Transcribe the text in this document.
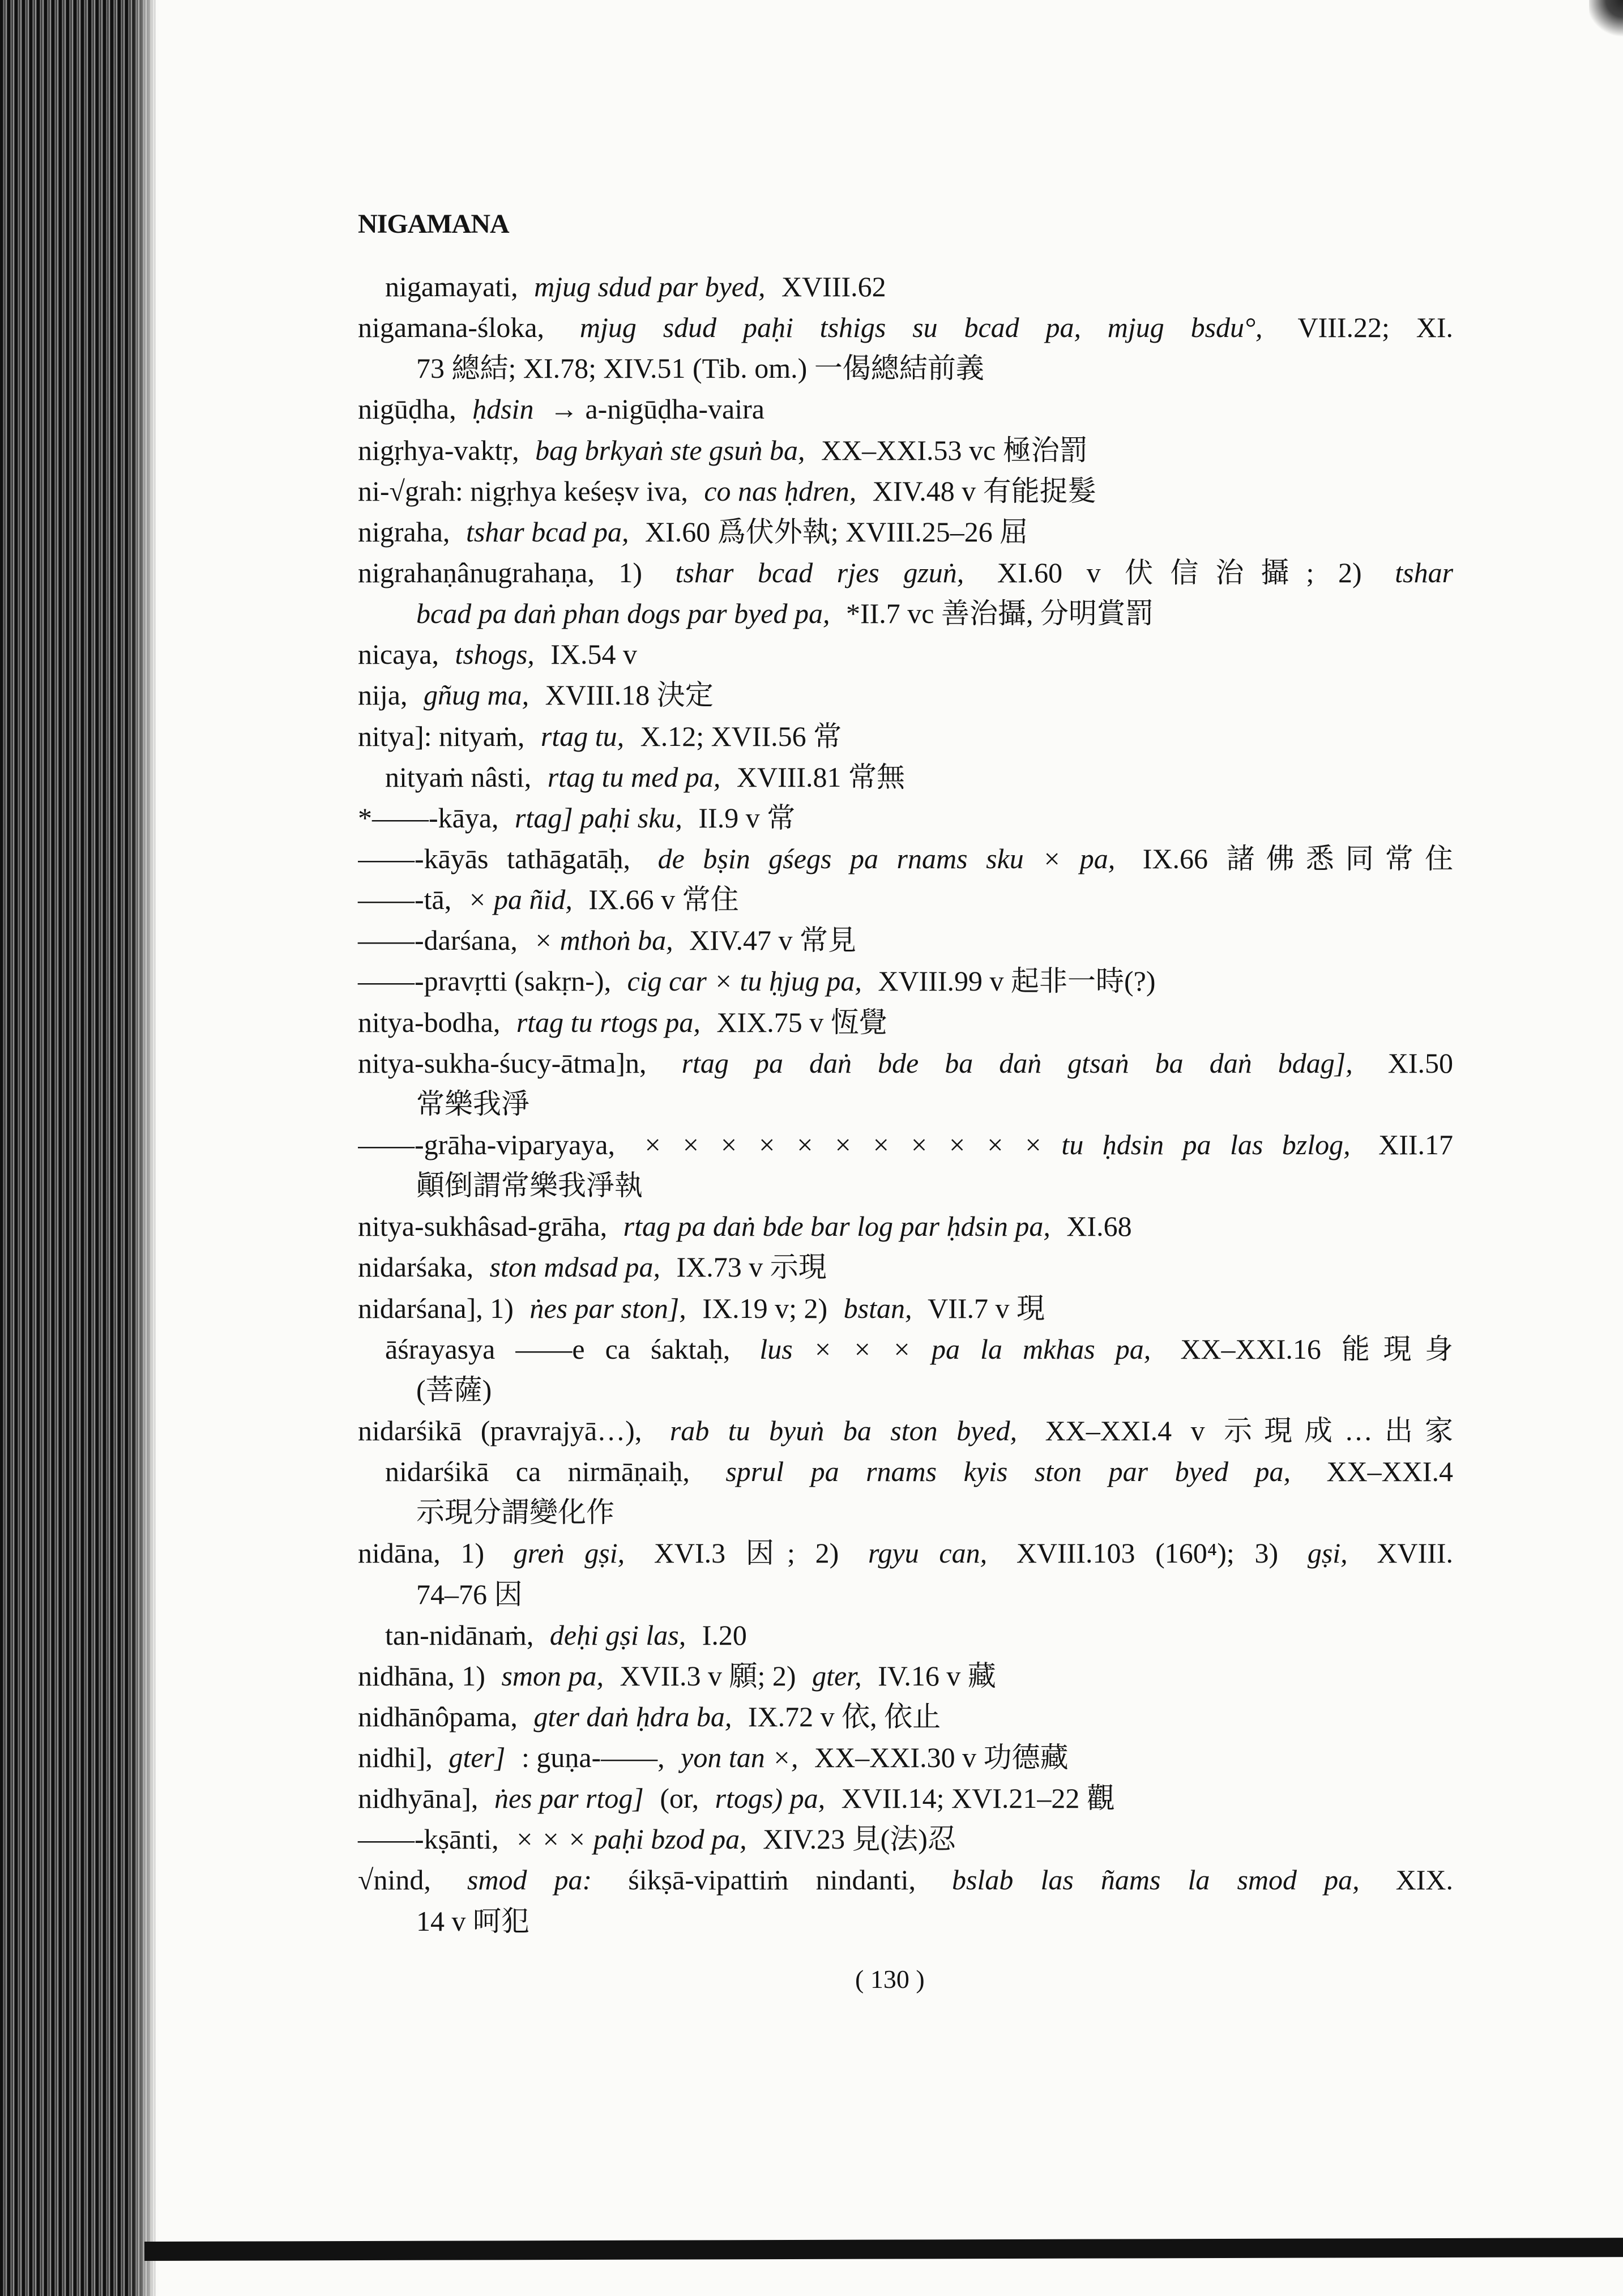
NIGAMANA
nigamayati, mjug sdud par byed, XVIII.62
nigamana-śloka, mjug sdud paḥi tshigs su bcad pa, mjug bsdu°, VIII.22; XI.
73 總結; XI.78; XIV.51 (Tib. om.) 一偈總結前義
nigūḍha, ḥdsin → a-nigūḍha-vaira
nigṛhya-vaktṛ, bag brkyaṅ ste gsuṅ ba, XX–XXI.53 vc 極治罰
ni-√grah: nigṛhya keśeṣv iva, co nas ḥdren, XIV.48 v 有能捉髮
nigraha, tshar bcad pa, XI.60 爲伏外執; XVIII.25–26 屈
nigrahaṇânugrahaṇa, 1) tshar bcad rjes gzuṅ, XI.60 v 伏信治攝; 2) tshar
bcad pa daṅ phan dogs par byed pa, *II.7 vc 善治攝, 分明賞罰
nicaya, tshogs, IX.54 v
nija, gñug ma, XVIII.18 決定
nitya]: nityaṁ, rtag tu, X.12; XVII.56 常
nityaṁ nâsti, rtag tu med pa, XVIII.81 常無
*——-kāya, rtag] paḥi sku, II.9 v 常
——-kāyās tathāgatāḥ, de bṣin gśegs pa rnams sku × pa, IX.66 諸佛悉同常住
——-tā, × pa ñid, IX.66 v 常住
——-darśana, × mthoṅ ba, XIV.47 v 常見
——-pravṛtti (sakṛn-), cig car × tu ḥjug pa, XVIII.99 v 起非一時(?)
nitya-bodha, rtag tu rtogs pa, XIX.75 v 恆覺
nitya-sukha-śucy-ātma]n, rtag pa daṅ bde ba daṅ gtsaṅ ba daṅ bdag], XI.50
常樂我淨
——-grāha-viparyaya, × × × × × × × × × × × tu ḥdsin pa las bzlog, XII.17
顚倒謂常樂我淨執
nitya-sukhâsad-grāha, rtag pa daṅ bde bar log par ḥdsin pa, XI.68
nidarśaka, ston mdsad pa, IX.73 v 示現
nidarśana], 1) ṅes par ston], IX.19 v; 2) bstan, VII.7 v 現
āśrayasya ——e ca śaktaḥ, lus × × × pa la mkhas pa, XX–XXI.16 能現身
(菩薩)
nidarśikā (pravrajyā…), rab tu byuṅ ba ston byed, XX–XXI.4 v 示現成…出家
nidarśikā ca nirmāṇaiḥ, sprul pa rnams kyis ston par byed pa, XX–XXI.4
示現分謂變化作
nidāna, 1) greṅ gṣi, XVI.3 因; 2) rgyu can, XVIII.103 (160⁴); 3) gṣi, XVIII.
74–76 因
tan-nidānaṁ, deḥi gṣi las, I.20
nidhāna, 1) smon pa, XVII.3 v 願; 2) gter, IV.16 v 藏
nidhānôpama, gter daṅ ḥdra ba, IX.72 v 依, 依止
nidhi], gter] : guṇa-——, yon tan ×, XX–XXI.30 v 功德藏
nidhyāna], ṅes par rtog] (or, rtogs) pa, XVII.14; XVI.21–22 觀
——-kṣānti, × × × paḥi bzod pa, XIV.23 見(法)忍
√nind, smod pa: śikṣā-vipattiṁ nindanti, bslab las ñams la smod pa, XIX.
14 v 呵犯
( 130 )
